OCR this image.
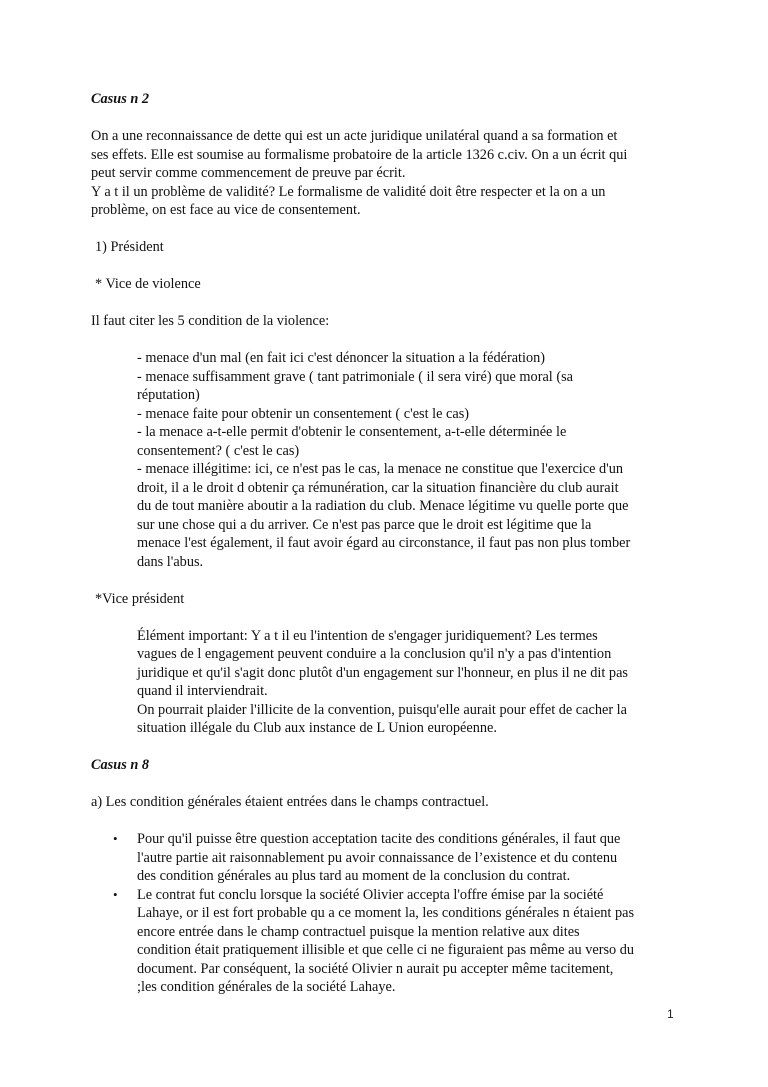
Casus n 2

On a une reconnaissance de dette qui est un acte juridique unilatéral quand a sa formation et

ses effets. Elle est soumise au formalisme probatoire de la article 1326 c.civ. On a un écrit qui

peut servir comme commencement de preuve par écrit.

Y a t il un problème de validité? Le formalisme de validité doit être respecter et la on a un

problème, on est face au vice de consentement.

1) Président

* Vice de violence

Il faut citer les 5 condition de la violence:

- menace d'un mal (en fait ici c'est dénoncer la situation a la fédération)

- menace suffisamment grave ( tant patrimoniale ( il sera viré) que moral (sa

réputation)

- menace faite pour obtenir un consentement ( c'est le cas)

- la menace a-t-elle permit d'obtenir le consentement, a-t-elle déterminée le

consentement? ( c'est le cas)

- menace illégitime: ici, ce n'est pas le cas, la menace ne constitue que l'exercice d'un

droit, il a le droit d obtenir ça rémunération, car la situation financière du club aurait

du de tout manière aboutir a la radiation du club. Menace légitime vu quelle porte que

sur une chose qui a du arriver. Ce n'est pas parce que le droit est légitime que la

menace l'est également, il faut avoir égard au circonstance, il faut pas non plus tomber

dans l'abus.

*Vice président

Élément important: Y a t il eu l'intention de s'engager juridiquement? Les termes

vagues de l engagement peuvent conduire a la conclusion qu'il n'y a pas d'intention

juridique et qu'il s'agit donc plutôt d'un engagement sur l'honneur, en plus il ne dit pas

quand il interviendrait.

On pourrait plaider l'illicite de la convention, puisqu'elle aurait pour effet de cacher la

situation illégale du Club aux instance de L Union européenne.

Casus n 8

a) Les condition générales étaient entrées dans le champs contractuel.

• Pour qu'il puisse être question acceptation tacite des conditions générales, il faut que

l'autre partie ait raisonnablement pu avoir connaissance de l’existence et du contenu

des condition générales au plus tard au moment de la conclusion du contrat.

• Le contrat fut conclu lorsque la société Olivier accepta l'offre émise par la société

Lahaye, or il est fort probable qu a ce moment la, les conditions générales n étaient pas

encore entrée dans le champ contractuel puisque la mention relative aux dites

condition était pratiquement illisible et que celle ci ne figuraient pas même au verso du

document. Par conséquent, la société Olivier n aurait pu accepter même tacitement,

;les condition générales de la société Lahaye.

1
